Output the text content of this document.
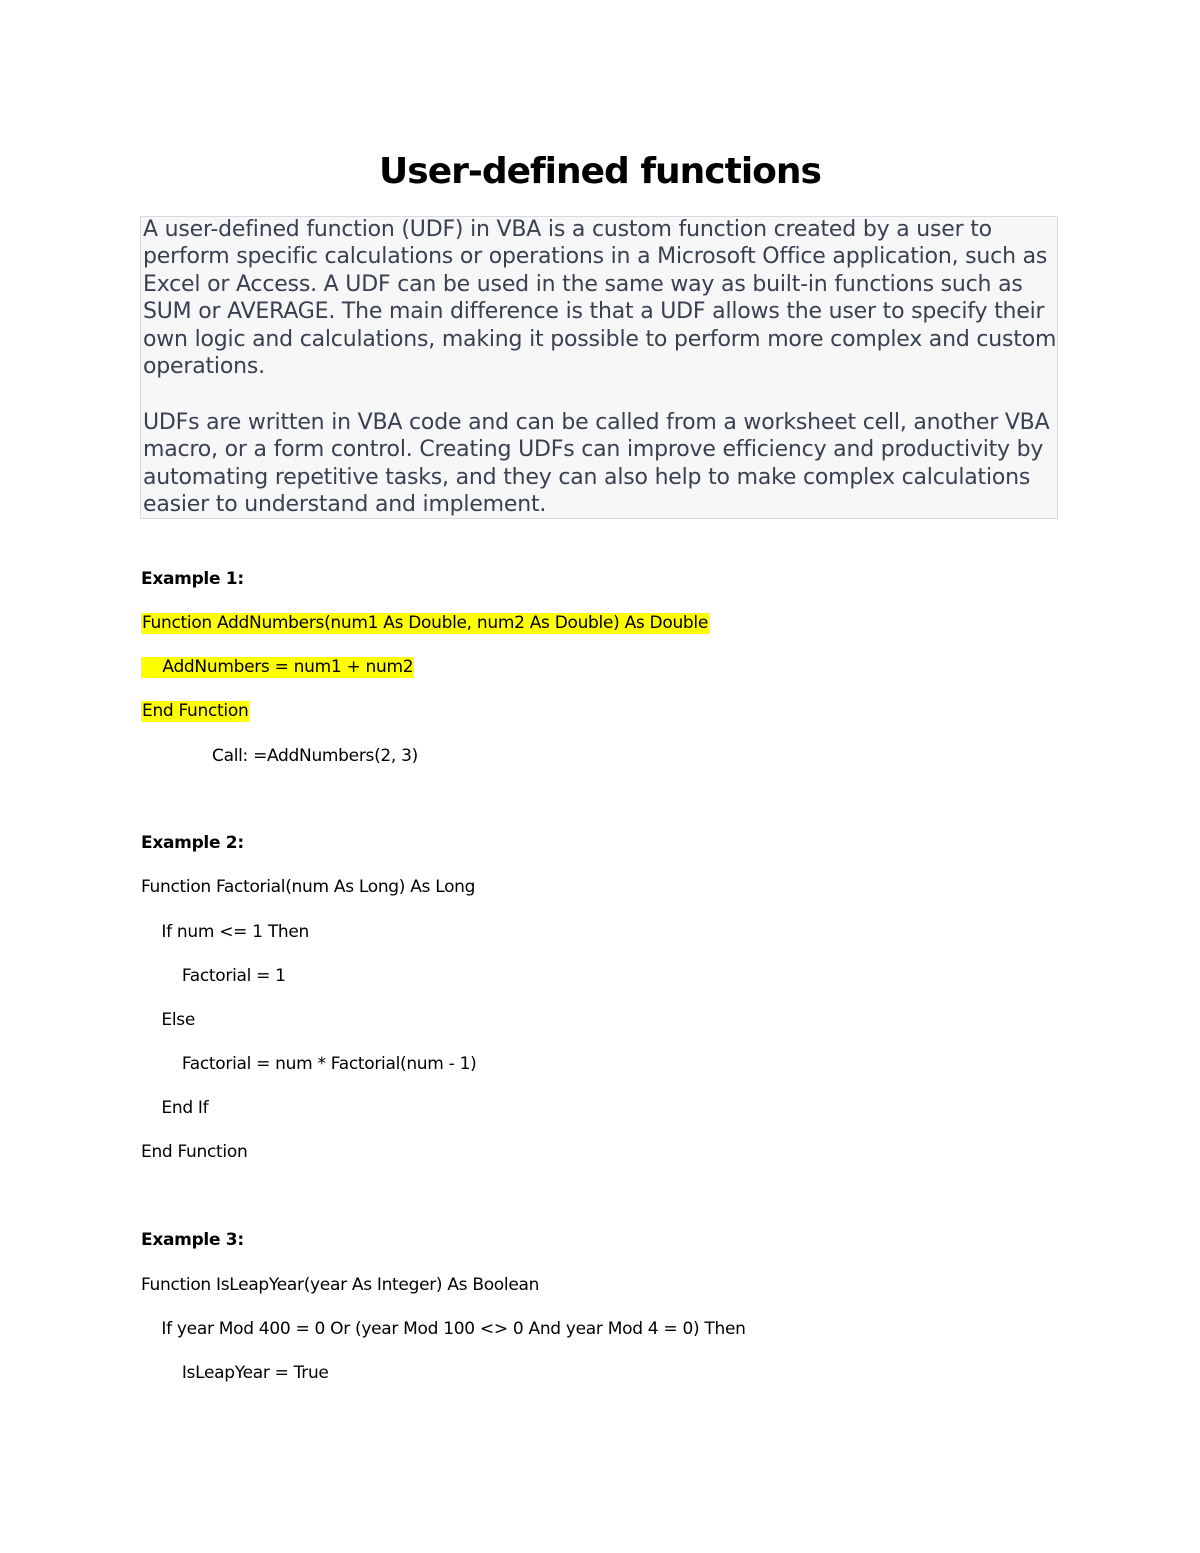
User-defined functions

A user-defined function (UDF) in VBA is a custom function created by a user to perform specific calculations or operations in a Microsoft Office application, such as Excel or Access. A UDF can be used in the same way as built-in functions such as SUM or AVERAGE. The main difference is that a UDF allows the user to specify their own logic and calculations, making it possible to perform more complex and custom operations.

UDFs are written in VBA code and can be called from a worksheet cell, another VBA macro, or a form control. Creating UDFs can improve efficiency and productivity by automating repetitive tasks, and they can also help to make complex calculations easier to understand and implement.

Example 1:
Function AddNumbers(num1 As Double, num2 As Double) As Double
AddNumbers = num1 + num2
End Function
Call: =AddNumbers(2, 3)
Example 2:
Function Factorial(num As Long) As Long
If num <= 1 Then
Factorial = 1
Else
Factorial = num * Factorial(num - 1)
End If
End Function
Example 3:
Function IsLeapYear(year As Integer) As Boolean
If year Mod 400 = 0 Or (year Mod 100 <> 0 And year Mod 4 = 0) Then
IsLeapYear = True
